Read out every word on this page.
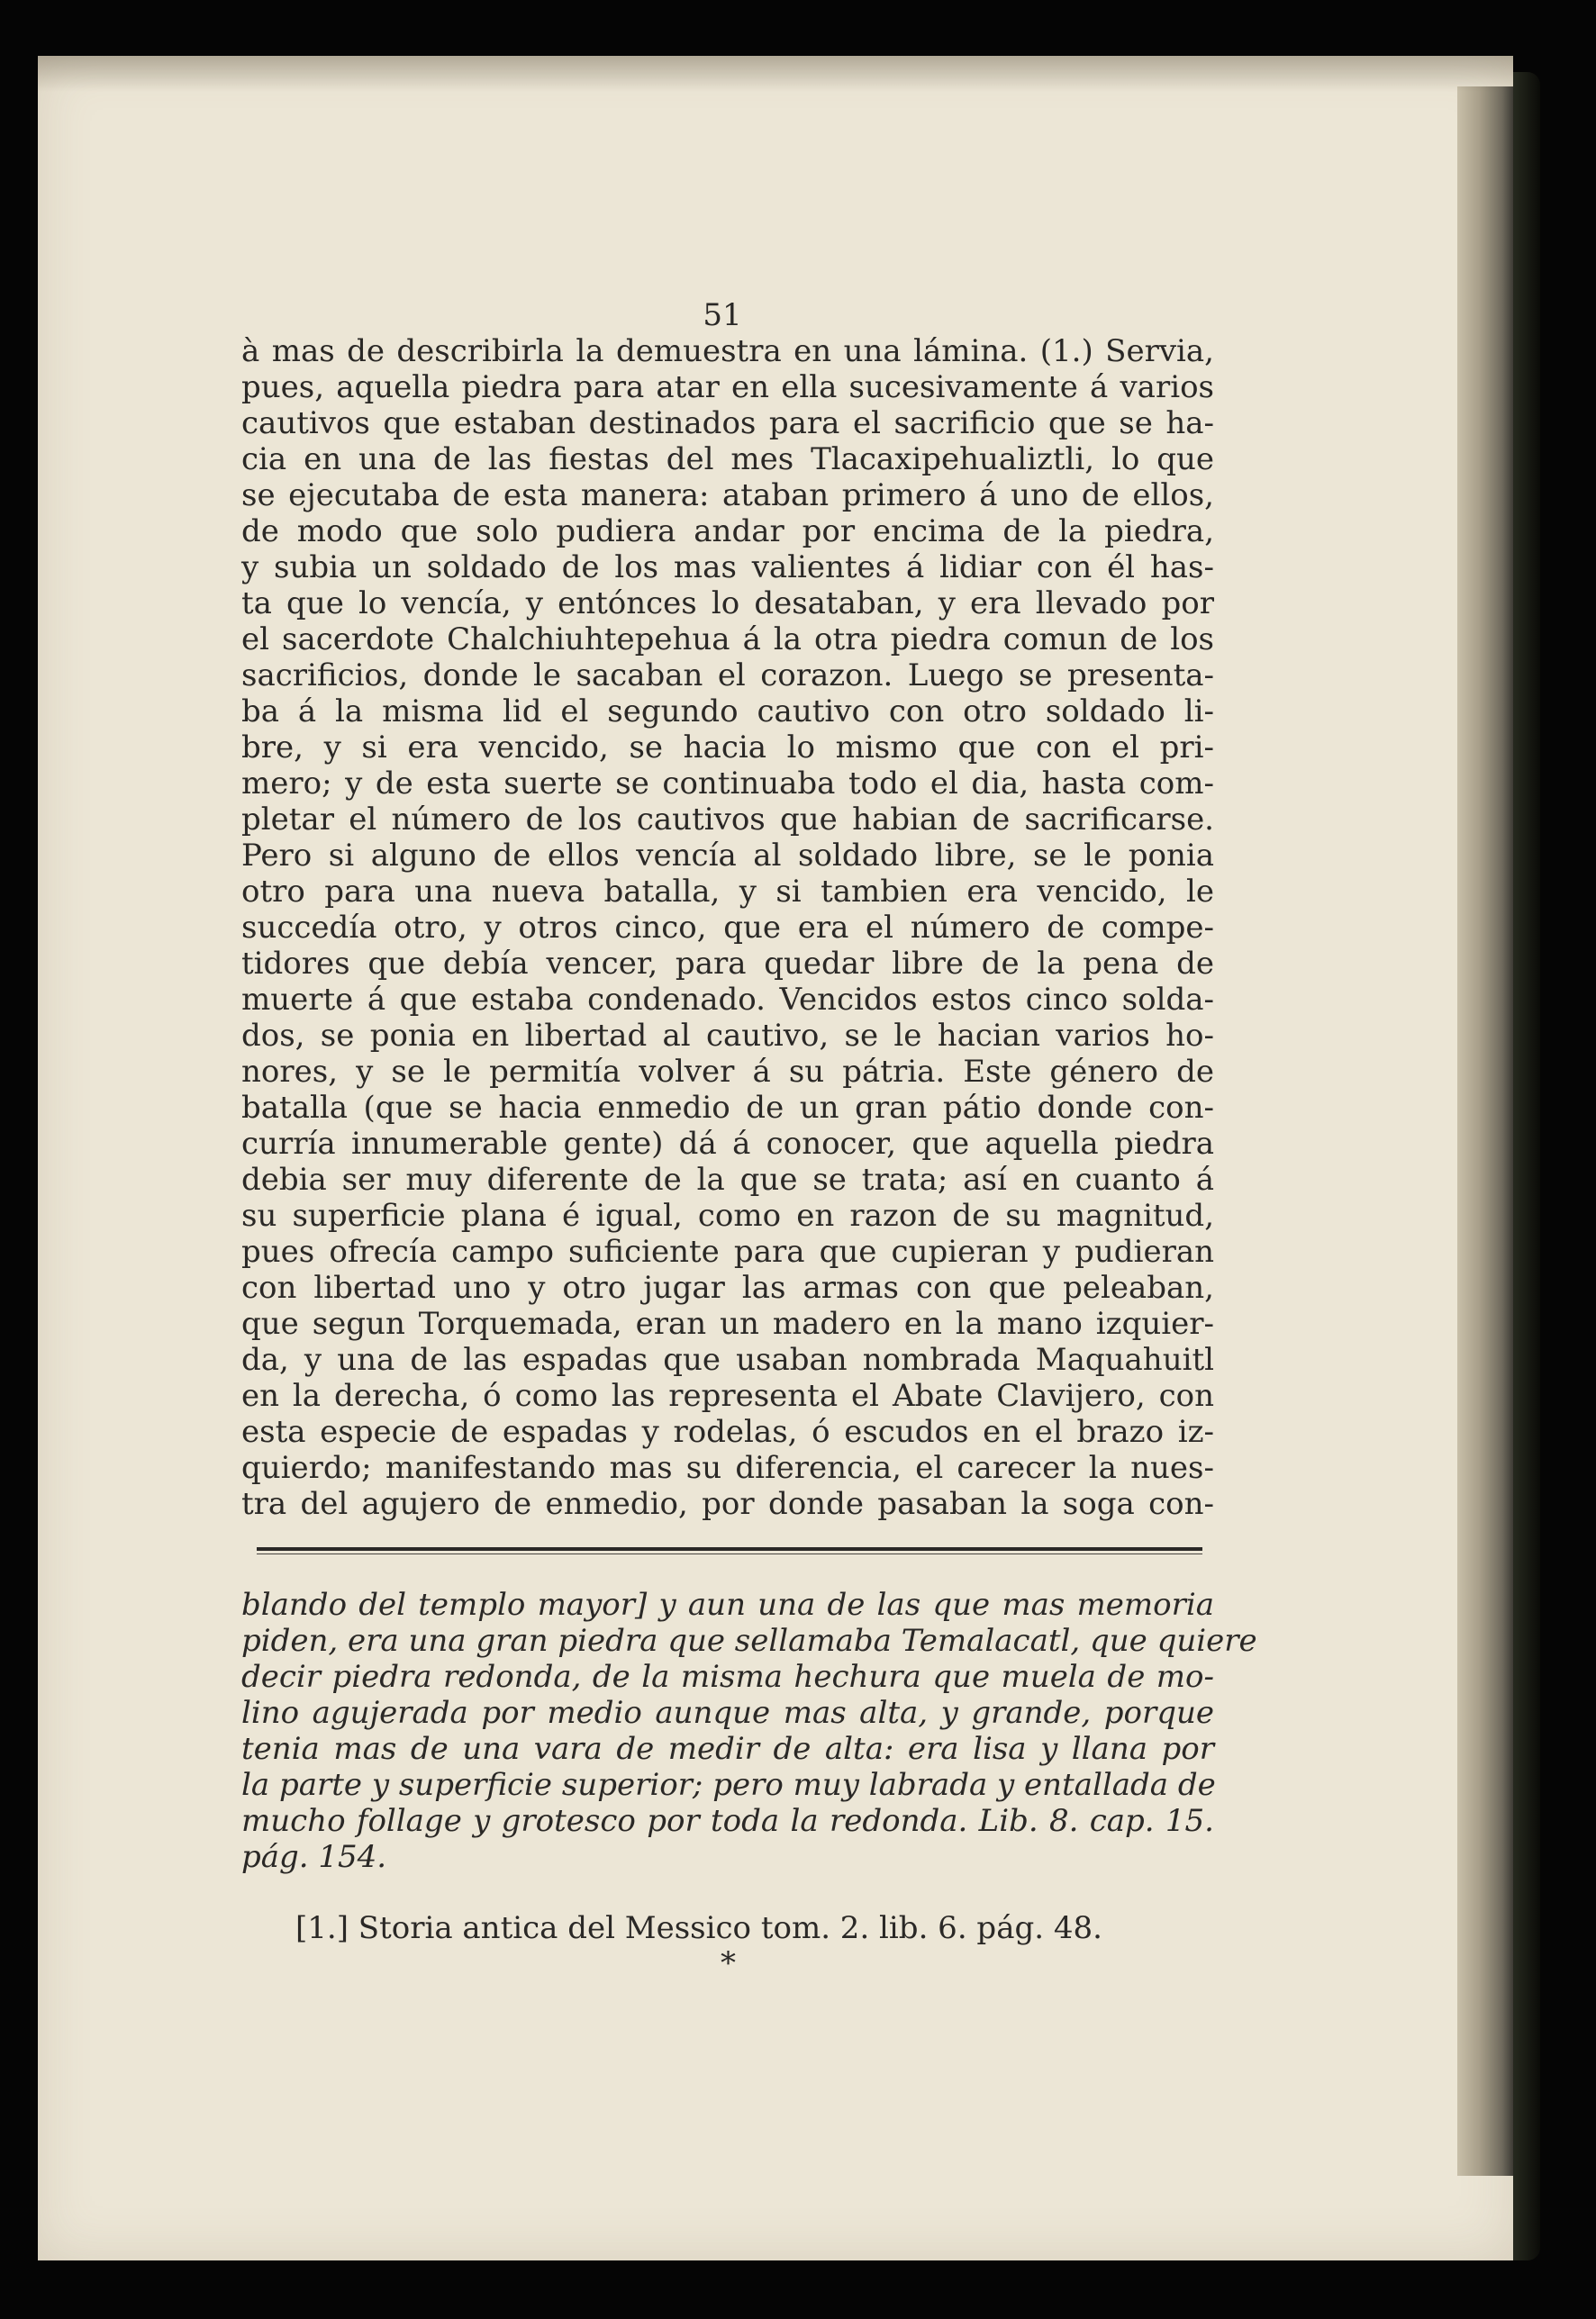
51
à mas de describirla la demuestra en una lámina. (1.) Servia,
pues, aquella piedra para atar en ella sucesivamente á varios
cautivos que estaban destinados para el sacrificio que se ha-
cia en una de las fiestas del mes Tlacaxipehualiztli, lo que
se ejecutaba de esta manera: ataban primero á uno de ellos,
de modo que solo pudiera andar por encima de la piedra,
y subia un soldado de los mas valientes á lidiar con él has-
ta que lo vencía, y entónces lo desataban, y era llevado por
el sacerdote Chalchiuhtepehua á la otra piedra comun de los
sacrificios, donde le sacaban el corazon. Luego se presenta-
ba á la misma lid el segundo cautivo con otro soldado li-
bre, y si era vencido, se hacia lo mismo que con el pri-
mero; y de esta suerte se continuaba todo el dia, hasta com-
pletar el número de los cautivos que habian de sacrificarse.
Pero si alguno de ellos vencía al soldado libre, se le ponia
otro para una nueva batalla, y si tambien era vencido, le
succedía otro, y otros cinco, que era el número de compe-
tidores que debía vencer, para quedar libre de la pena de
muerte á que estaba condenado. Vencidos estos cinco solda-
dos, se ponia en libertad al cautivo, se le hacian varios ho-
nores, y se le permitía volver á su pátria. Este género de
batalla (que se hacia enmedio de un gran pátio donde con-
curría innumerable gente) dá á conocer, que aquella piedra
debia ser muy diferente de la que se trata; así en cuanto á
su superficie plana é igual, como en razon de su magnitud,
pues ofrecía campo suficiente para que cupieran y pudieran
con libertad uno y otro jugar las armas con que peleaban,
que segun Torquemada, eran un madero en la mano izquier-
da, y una de las espadas que usaban nombrada Maquahuitl
en la derecha, ó como las representa el Abate Clavijero, con
esta especie de espadas y rodelas, ó escudos en el brazo iz-
quierdo; manifestando mas su diferencia, el carecer la nues-
tra del agujero de enmedio, por donde pasaban la soga con-
blando del templo mayor] y aun una de las que mas memoria
piden, era una gran piedra que sellamaba Temalacatl, que quiere
decir piedra redonda, de la misma hechura que muela de mo-
lino agujerada por medio aunque mas alta, y grande, porque
tenia mas de una vara de medir de alta: era lisa y llana por
la parte y superficie superior; pero muy labrada y entallada de
mucho follage y grotesco por toda la redonda. Lib. 8. cap. 15.
pág. 154.
[1.] Storia antica del Messico tom. 2. lib. 6. pág. 48.
*
